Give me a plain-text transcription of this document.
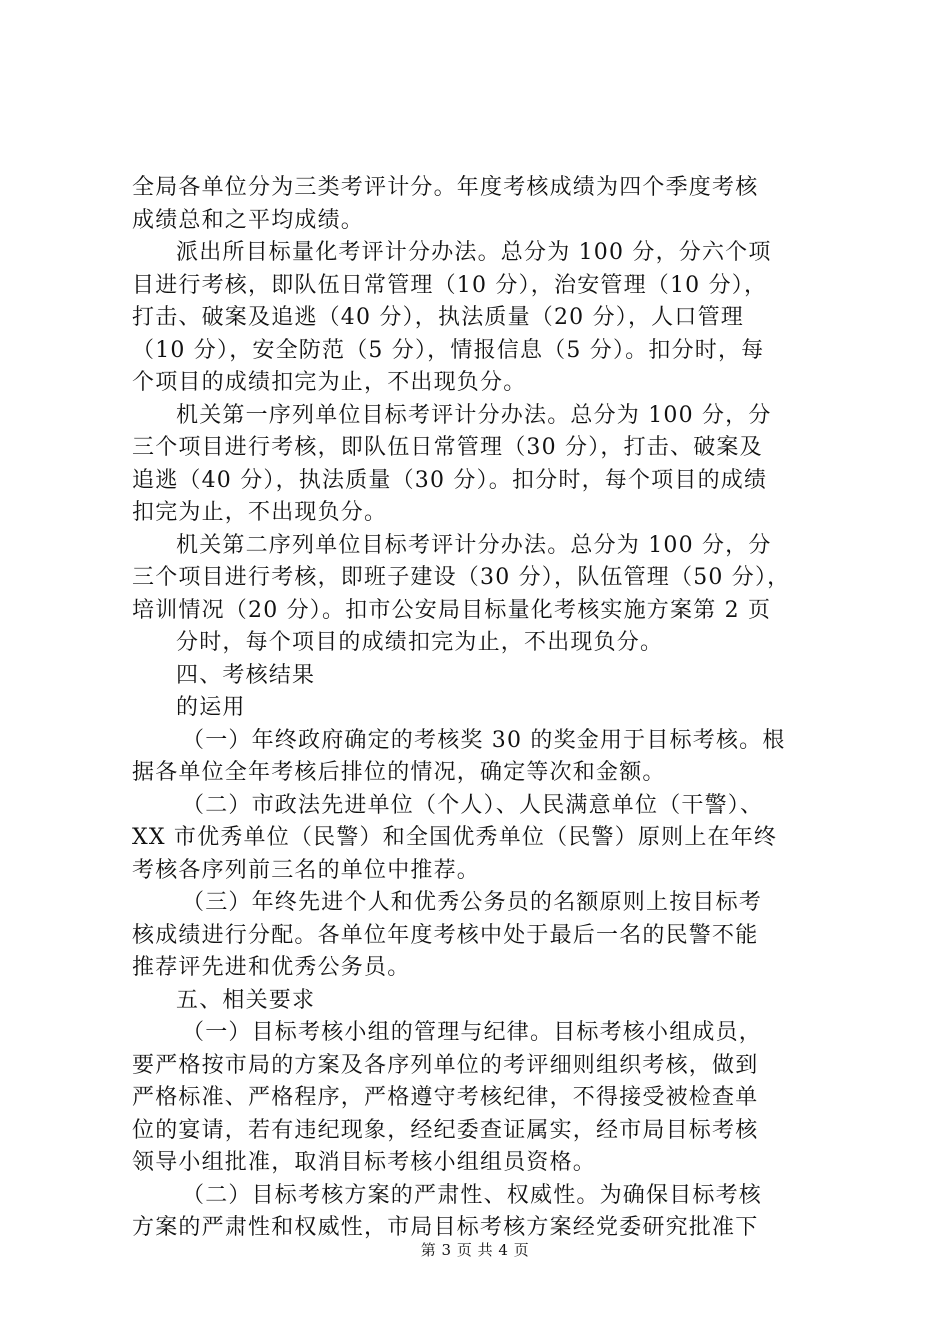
全局各单位分为三类考评计分。年度考核成绩为四个季度考核
成绩总和之平均成绩。
派出所目标量化考评计分办法。总分为 100 分，分六个项
目进行考核，即队伍日常管理（10 分），治安管理（10 分），
打击、破案及追逃（40 分），执法质量（20 分），人口管理
（10 分），安全防范（5 分），情报信息（5 分）。扣分时，每
个项目的成绩扣完为止，不出现负分。
机关第一序列单位目标考评计分办法。总分为 100 分，分
三个项目进行考核，即队伍日常管理（30 分），打击、破案及
追逃（40 分），执法质量（30 分）。扣分时，每个项目的成绩
扣完为止，不出现负分。
机关第二序列单位目标考评计分办法。总分为 100 分，分
三个项目进行考核，即班子建设（30 分），队伍管理（50 分），
培训情况（20 分）。扣市公安局目标量化考核实施方案第 2 页
分时，每个项目的成绩扣完为止，不出现负分。
四、考核结果
的运用
（一）年终政府确定的考核奖 30 的奖金用于目标考核。根
据各单位全年考核后排位的情况，确定等次和金额。
（二）市政法先进单位（个人）、人民满意单位（干警）、
XX 市优秀单位（民警）和全国优秀单位（民警）原则上在年终
考核各序列前三名的单位中推荐。
（三）年终先进个人和优秀公务员的名额原则上按目标考
核成绩进行分配。各单位年度考核中处于最后一名的民警不能
推荐评先进和优秀公务员。
五、相关要求
（一）目标考核小组的管理与纪律。目标考核小组成员，
要严格按市局的方案及各序列单位的考评细则组织考核，做到
严格标准、严格程序，严格遵守考核纪律，不得接受被检查单
位的宴请，若有违纪现象，经纪委查证属实，经市局目标考核
领导小组批准，取消目标考核小组组员资格。
（二）目标考核方案的严肃性、权威性。为确保目标考核
方案的严肃性和权威性，市局目标考核方案经党委研究批准下
第 3 页 共 4 页
